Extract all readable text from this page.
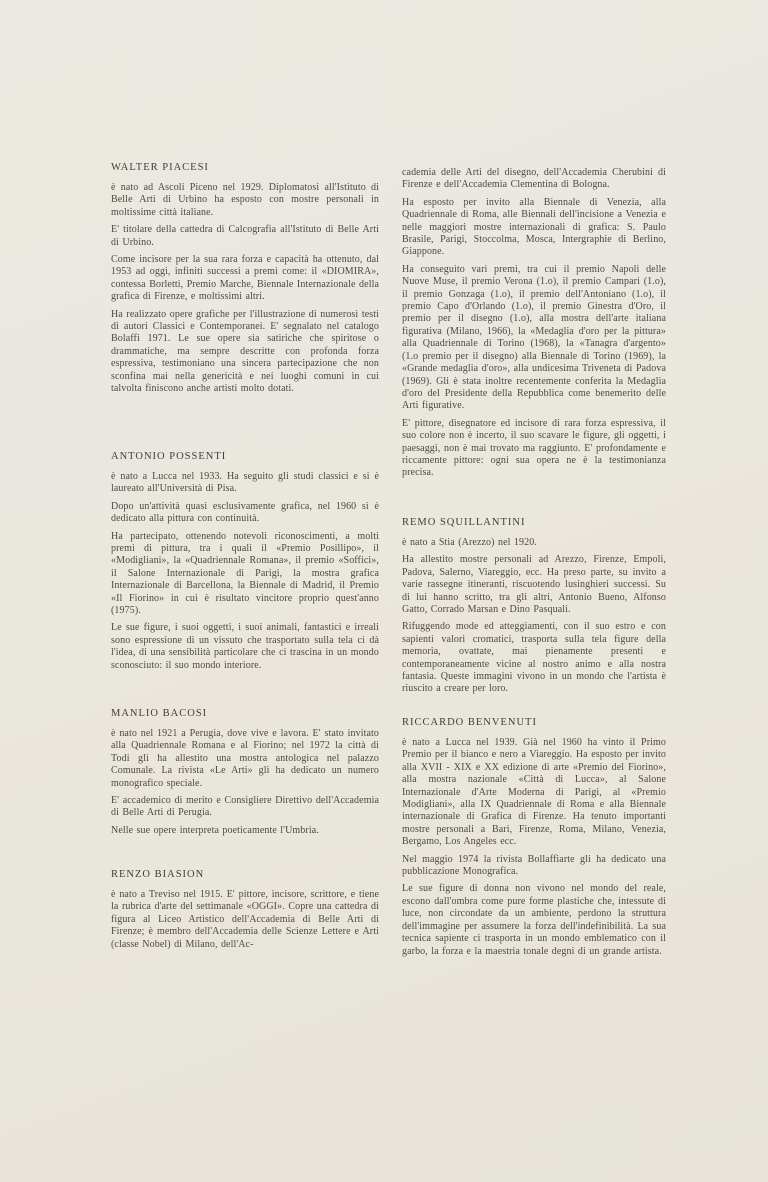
WALTER PIACESI

è nato ad Ascoli Piceno nel 1929. Diplomatosi all'Istituto di Belle Arti di Urbino ha esposto con mostre personali in moltissime città italiane.

E' titolare della cattedra di Calcografia all'Istituto di Belle Arti di Urbino.

Come incisore per la sua rara forza e capacità ha ottenuto, dal 1953 ad oggi, infiniti successi a premi come: il «DIOMIRA», contessa Borletti, Premio Marche, Biennale Internazionale della grafica di Firenze, e moltissimi altri.

Ha realizzato opere grafiche per l'illustrazione di numerosi testi di autori Classici e Contemporanei. E' segnalato nel catalogo Bolaffi 1971. Le sue opere sia satiriche che spiritose o drammatiche, ma sempre descritte con profonda forza espressiva, testimoniano una sincera partecipazione che non sconfina mai nella genericità e nei luoghi comuni in cui talvolta finiscono anche artisti molto dotati.

ANTONIO POSSENTI

è nato a Lucca nel 1933. Ha seguito gli studi classici e si è laureato all'Università di Pisa.

Dopo un'attività quasi esclusivamente grafica, nel 1960 si è dedicato alla pittura con continuità.

Ha partecipato, ottenendo notevoli riconoscimenti, a molti premi di pittura, tra i quali il «Premio Posillipo», il «Modigliani», la «Quadriennale Romana», il premio «Soffici», il Salone Internazionale di Parigi, la mostra grafica Internazionale di Barcellona, la Biennale di Madrid, il Premio «Il Fiorino» in cui è risultato vincitore proprio quest'anno (1975).

Le sue figure, i suoi oggetti, i suoi animali, fantastici e irreali sono espressione di un vissuto che trasportato sulla tela ci dà l'idea, di una sensibilità particolare che ci trascina in un mondo sconosciuto: il suo mondo interiore.

MANLIO BACOSI

è nato nel 1921 a Perugia, dove vive e lavora. E' stato invitato alla Quadriennale Romana e al Fiorino; nel 1972 la città di Todi gli ha allestito una mostra antologica nel palazzo Comunale. La rivista «Le Arti» gli ha dedicato un numero monografico speciale.

E' accademico di merito e Consigliere Direttivo dell'Accademia di Belle Arti di Perugia.

Nelle sue opere interpreta poeticamente l'Umbria.

RENZO BIASION

è nato a Treviso nel 1915. E' pittore, incisore, scrittore, e tiene la rubrica d'arte del settimanale «OGGI». Copre una cattedra di figura al Liceo Artistico dell'Accademia di Belle Arti di Firenze; è membro dell'Accademia delle Scienze Lettere e Arti (classe Nobel) di Milano, dell'Ac-

cademia delle Arti del disegno, dell'Accademia Cherubini di Firenze e dell'Accademia Clementina di Bologna.

Ha esposto per invito alla Biennale di Venezia, alla Quadriennale di Roma, alle Biennali dell'incisione a Venezia e nelle maggiori mostre internazionali di grafica: S. Paulo Brasile, Parigi, Stoccolma, Mosca, Intergraphie di Berlino, Giappone.

Ha conseguito vari premi, tra cui il premio Napoli delle Nuove Muse, il premio Verona (1.o), il premio Campari (1.o), il premio Gonzaga (1.o), il premio dell'Antoniano (1.o), il premio Capo d'Orlando (1.o), il premio Ginestra d'Oro, il premio per il disegno (1.o), alla mostra dell'arte italiana figurativa (Milano, 1966), la «Medaglia d'oro per la pittura» alla Quadriennale di Torino (1968), la «Tanagra d'argento» (1.o premio per il disegno) alla Biennale di Torino (1969), la «Grande medaglia d'oro», alla undicesima Triveneta di Padova (1969). Gli è stata inoltre recentemente conferita la Medaglia d'oro del Presidente della Repubblica come benemerito delle Arti figurative.

E' pittore, disegnatore ed incisore di rara forza espressiva, il suo colore non è incerto, il suo scavare le figure, gli oggetti, i paesaggi, non è mai trovato ma raggiunto. E' profondamente e riccamente pittore: ogni sua opera ne è la testimonianza precisa.

REMO SQUILLANTINI

è nato a Stia (Arezzo) nel 1920.

Ha allestito mostre personali ad Arezzo, Firenze, Empoli, Padova, Salerno, Viareggio, ecc. Ha preso parte, su invito a varie rassegne itineranti, riscuotendo lusinghieri successi. Su di lui hanno scritto, tra gli altri, Antonio Bueno, Alfonso Gatto, Corrado Marsan e Dino Pasquali.

Rifuggendo mode ed atteggiamenti, con il suo estro e con sapienti valori cromatici, trasporta sulla tela figure della memoria, ovattate, mai pienamente presenti e contemporaneamente vicine al nostro animo e alla nostra fantasia. Queste immagini vivono in un mondo che l'artista è riuscito a creare per loro.

RICCARDO BENVENUTI

è nato a Lucca nel 1939. Già nel 1960 ha vinto il Primo Premio per il bianco e nero a Viareggio. Ha esposto per invito alla XVII - XIX e XX edizione di arte «Premio del Fiorino», alla mostra nazionale «Città di Lucca», al Salone Internazionale d'Arte Moderna di Parigi, al «Premio Modigliani», alla IX Quadriennale di Roma e alla Biennale internazionale di Grafica di Firenze. Ha tenuto importanti mostre personali a Bari, Firenze, Roma, Milano, Venezia, Bergamo, Los Angeles ecc.

Nel maggio 1974 la rivista Bollaffiarte gli ha dedicato una pubblicazione Monografica.

Le sue figure di donna non vivono nel mondo del reale, escono dall'ombra come pure forme plastiche che, intessute di luce, non circondate da un ambiente, perdono la struttura dell'immagine per assumere la forza dell'indefinibilità. La sua tecnica sapiente ci trasporta in un mondo emblematico con il garbo, la forza e la maestria tonale degni di un grande artista.
